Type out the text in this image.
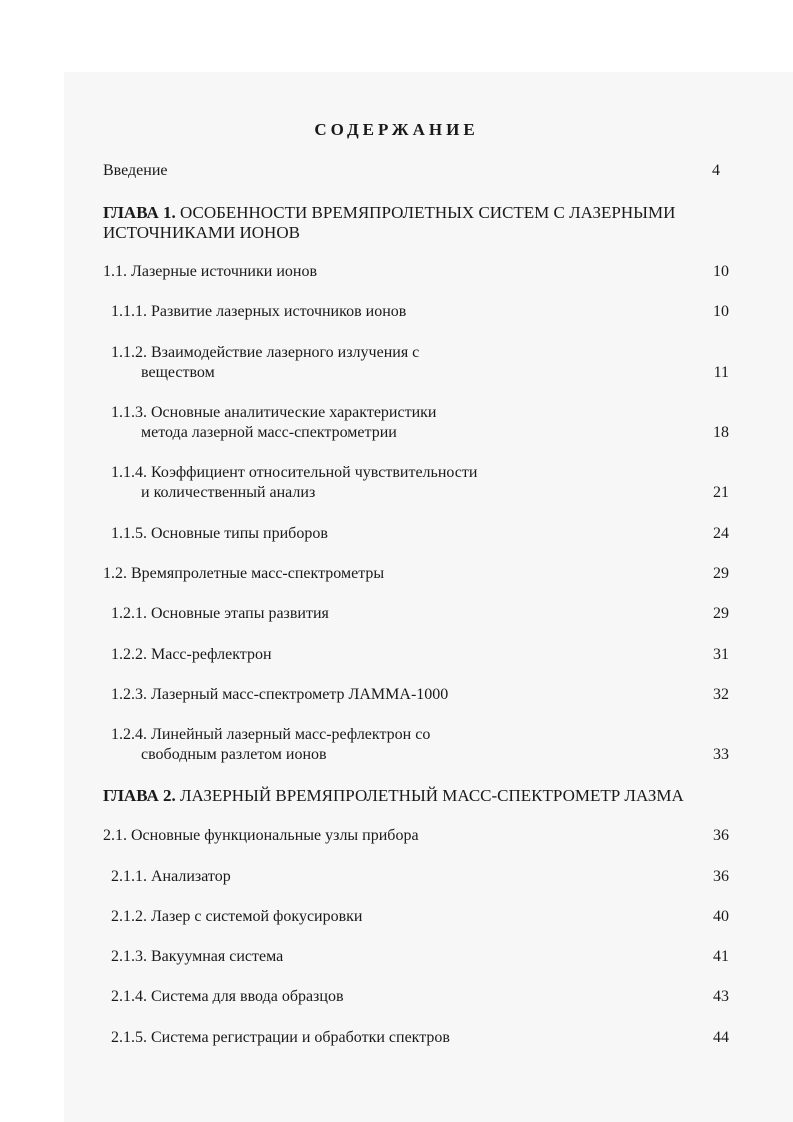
СОДЕРЖАНИЕ
Введение	4
ГЛАВА 1. ОСОБЕННОСТИ ВРЕМЯПРОЛЕТНЫХ СИСТЕМ С ЛАЗЕРНЫМИ
ИСТОЧНИКАМИ ИОНОВ
1.1. Лазерные источники ионов	10
1.1.1. Развитие лазерных источников ионов	10
1.1.2. Взаимодействие лазерного излучения с
веществом	11
1.1.3. Основные аналитические характеристики
метода лазерной масс-спектрометрии	18
1.1.4. Коэффициент относительной чувствительности
и количественный анализ	21
1.1.5. Основные типы приборов	24
1.2. Времяпролетные масс-спектрометры	29
1.2.1. Основные этапы развития	29
1.2.2. Масс-рефлектрон	31
1.2.3. Лазерный масс-спектрометр ЛАММА-1000	32
1.2.4. Линейный лазерный масс-рефлектрон со
свободным разлетом ионов	33
ГЛАВА 2. ЛАЗЕРНЫЙ ВРЕМЯПРОЛЕТНЫЙ МАСС-СПЕКТРОМЕТР ЛАЗМА
2.1. Основные функциональные узлы прибора	36
2.1.1. Анализатор	36
2.1.2. Лазер с системой фокусировки	40
2.1.3. Вакуумная система	41
2.1.4. Система для ввода образцов	43
2.1.5. Система регистрации и обработки спектров	44
